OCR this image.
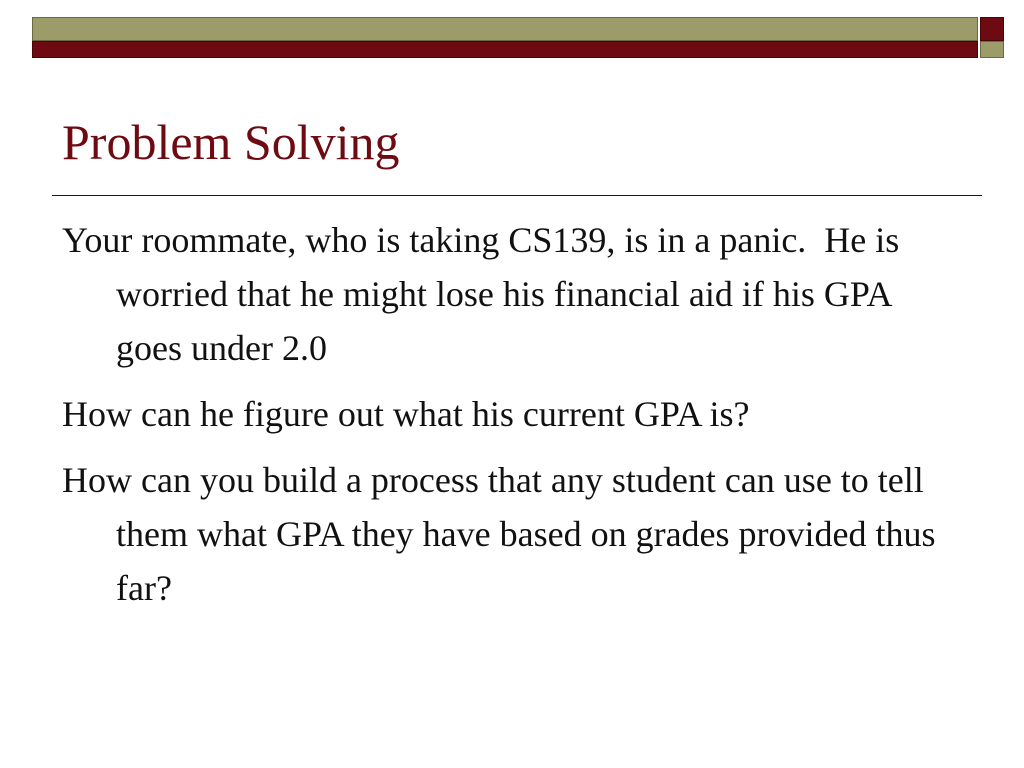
Problem Solving
Your roommate, who is taking CS139, is in a panic.  He is worried that he might lose his financial aid if his GPA goes under 2.0
How can he figure out what his current GPA is?
How can you build a process that any student can use to tell them what GPA they have based on grades provided thus far?
